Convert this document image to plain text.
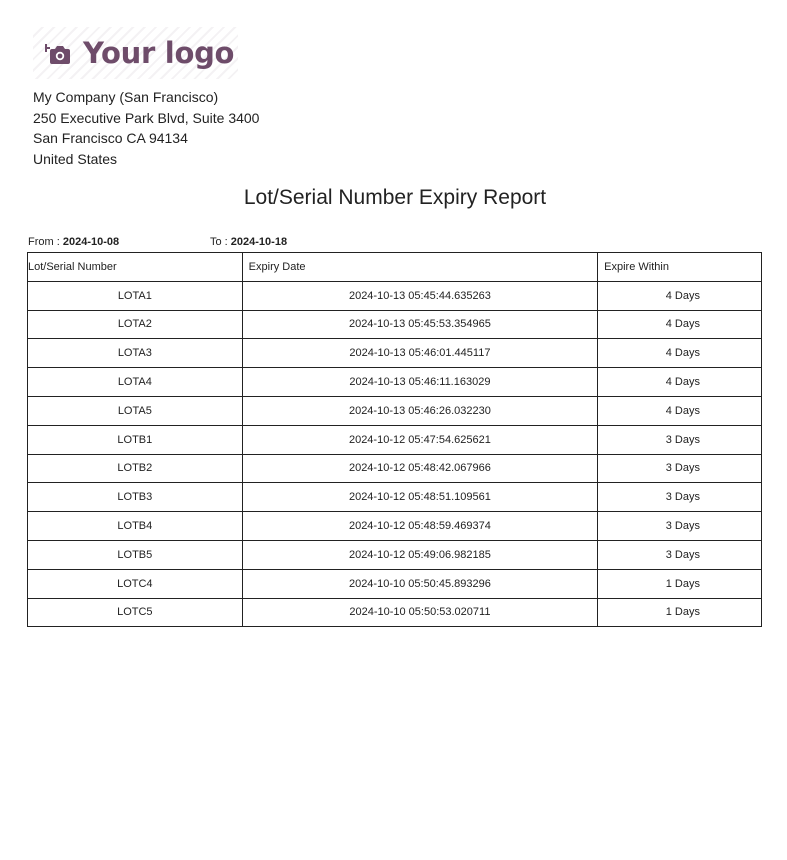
Your logo
My Company (San Francisco)
250 Executive Park Blvd, Suite 3400
San Francisco CA 94134
United States
Lot/Serial Number Expiry Report
From : 2024-10-08	To : 2024-10-18
Lot/Serial Number	Expiry Date	Expire Within
LOTA1	2024-10-13 05:45:44.635263	4 Days
LOTA2	2024-10-13 05:45:53.354965	4 Days
LOTA3	2024-10-13 05:46:01.445117	4 Days
LOTA4	2024-10-13 05:46:11.163029	4 Days
LOTA5	2024-10-13 05:46:26.032230	4 Days
LOTB1	2024-10-12 05:47:54.625621	3 Days
LOTB2	2024-10-12 05:48:42.067966	3 Days
LOTB3	2024-10-12 05:48:51.109561	3 Days
LOTB4	2024-10-12 05:48:59.469374	3 Days
LOTB5	2024-10-12 05:49:06.982185	3 Days
LOTC4	2024-10-10 05:50:45.893296	1 Days
LOTC5	2024-10-10 05:50:53.020711	1 Days
